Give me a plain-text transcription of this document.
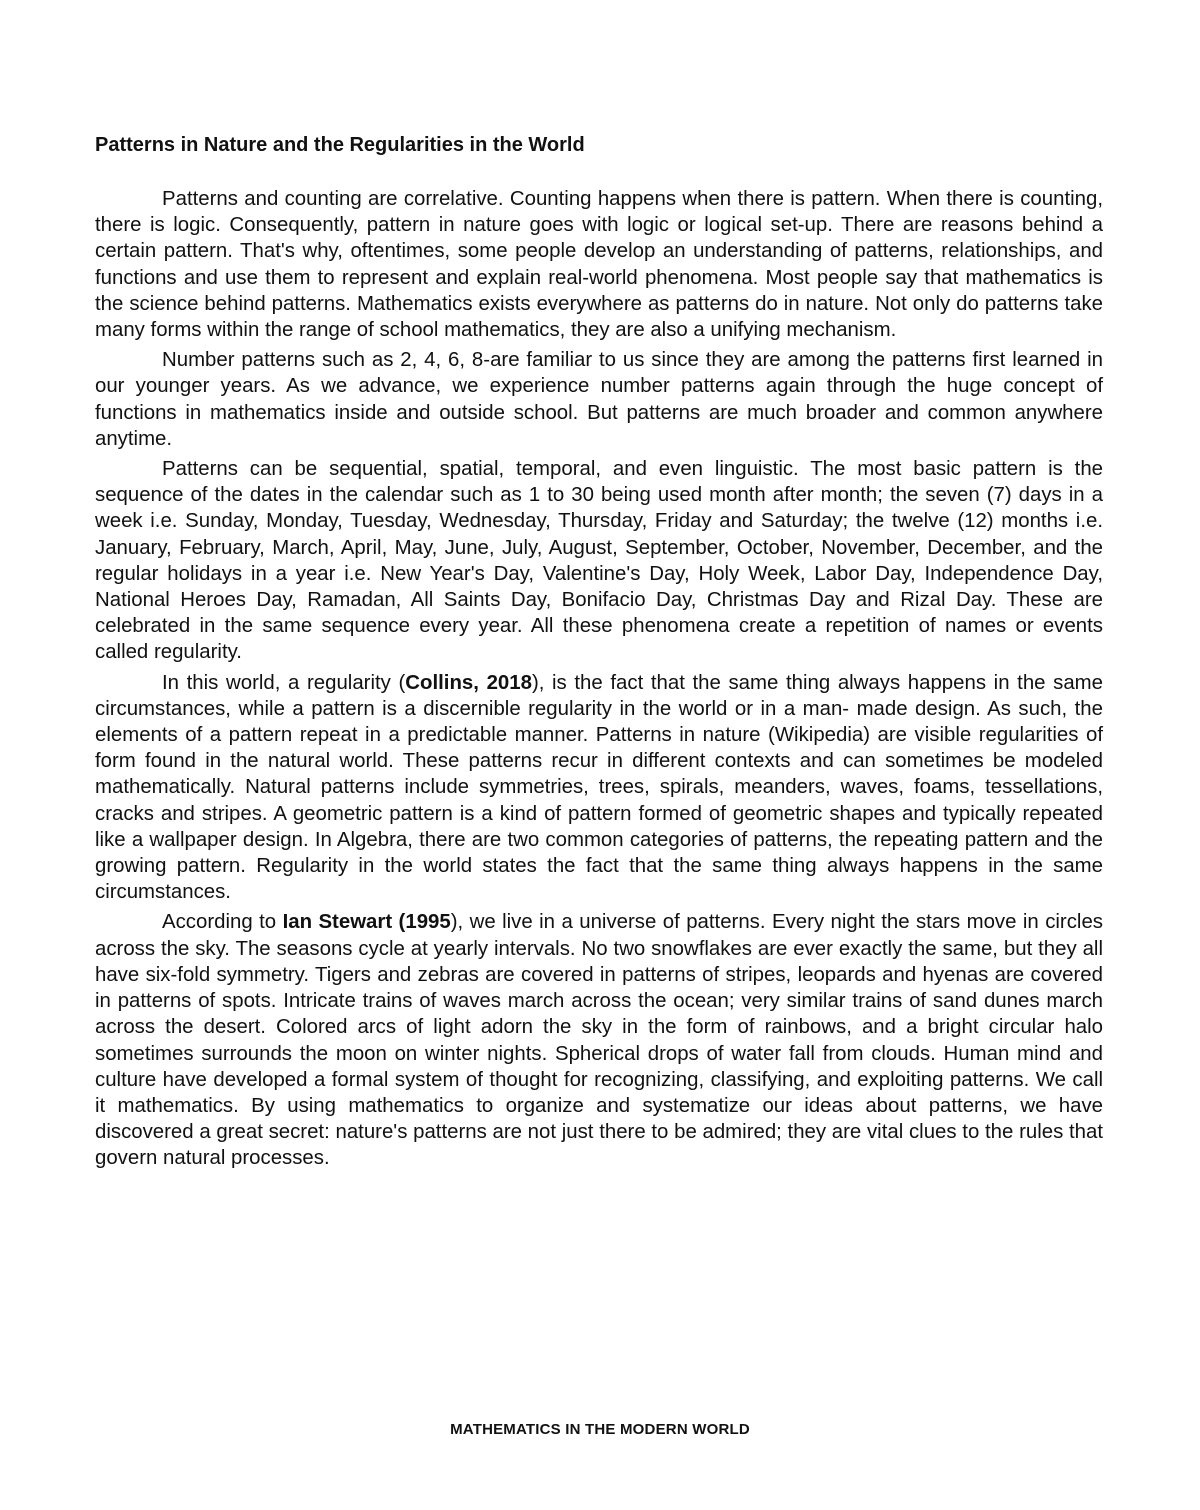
Patterns in Nature and the Regularities in the World

Patterns and counting are correlative. Counting happens when there is pattern. When there is counting, there is logic. Consequently, pattern in nature goes with logic or logical set-up. There are reasons behind a certain pattern. That's why, oftentimes, some people develop an understanding of patterns, relationships, and functions and use them to represent and explain real-world phenomena. Most people say that mathematics is the science behind patterns. Mathematics exists everywhere as patterns do in nature. Not only do patterns take many forms within the range of school mathematics, they are also a unifying mechanism.

Number patterns such as 2, 4, 6, 8-are familiar to us since they are among the patterns first learned in our younger years. As we advance, we experience number patterns again through the huge concept of functions in mathematics inside and outside school. But patterns are much broader and common anywhere anytime.

Patterns can be sequential, spatial, temporal, and even linguistic. The most basic pattern is the sequence of the dates in the calendar such as 1 to 30 being used month after month; the seven (7) days in a week i.e. Sunday, Monday, Tuesday, Wednesday, Thursday, Friday and Saturday; the twelve (12) months i.e. January, February, March, April, May, June, July, August, September, October, November, December, and the regular holidays in a year i.e. New Year's Day, Valentine's Day, Holy Week, Labor Day, Independence Day, National Heroes Day, Ramadan, All Saints Day, Bonifacio Day, Christmas Day and Rizal Day. These are celebrated in the same sequence every year. All these phenomena create a repetition of names or events called regularity.

In this world, a regularity (Collins, 2018), is the fact that the same thing always happens in the same circumstances, while a pattern is a discernible regularity in the world or in a man- made design. As such, the elements of a pattern repeat in a predictable manner. Patterns in nature (Wikipedia) are visible regularities of form found in the natural world. These patterns recur in different contexts and can sometimes be modeled mathematically. Natural patterns include symmetries, trees, spirals, meanders, waves, foams, tessellations, cracks and stripes. A geometric pattern is a kind of pattern formed of geometric shapes and typically repeated like a wallpaper design. In Algebra, there are two common categories of patterns, the repeating pattern and the growing pattern. Regularity in the world states the fact that the same thing always happens in the same circumstances.

According to Ian Stewart (1995), we live in a universe of patterns. Every night the stars move in circles across the sky. The seasons cycle at yearly intervals. No two snowflakes are ever exactly the same, but they all have six-fold symmetry. Tigers and zebras are covered in patterns of stripes, leopards and hyenas are covered in patterns of spots. Intricate trains of waves march across the ocean; very similar trains of sand dunes march across the desert. Colored arcs of light adorn the sky in the form of rainbows, and a bright circular halo sometimes surrounds the moon on winter nights. Spherical drops of water fall from clouds. Human mind and culture have developed a formal system of thought for recognizing, classifying, and exploiting patterns. We call it mathematics. By using mathematics to organize and systematize our ideas about patterns, we have discovered a great secret: nature's patterns are not just there to be admired; they are vital clues to the rules that govern natural processes.

MATHEMATICS IN THE MODERN WORLD
